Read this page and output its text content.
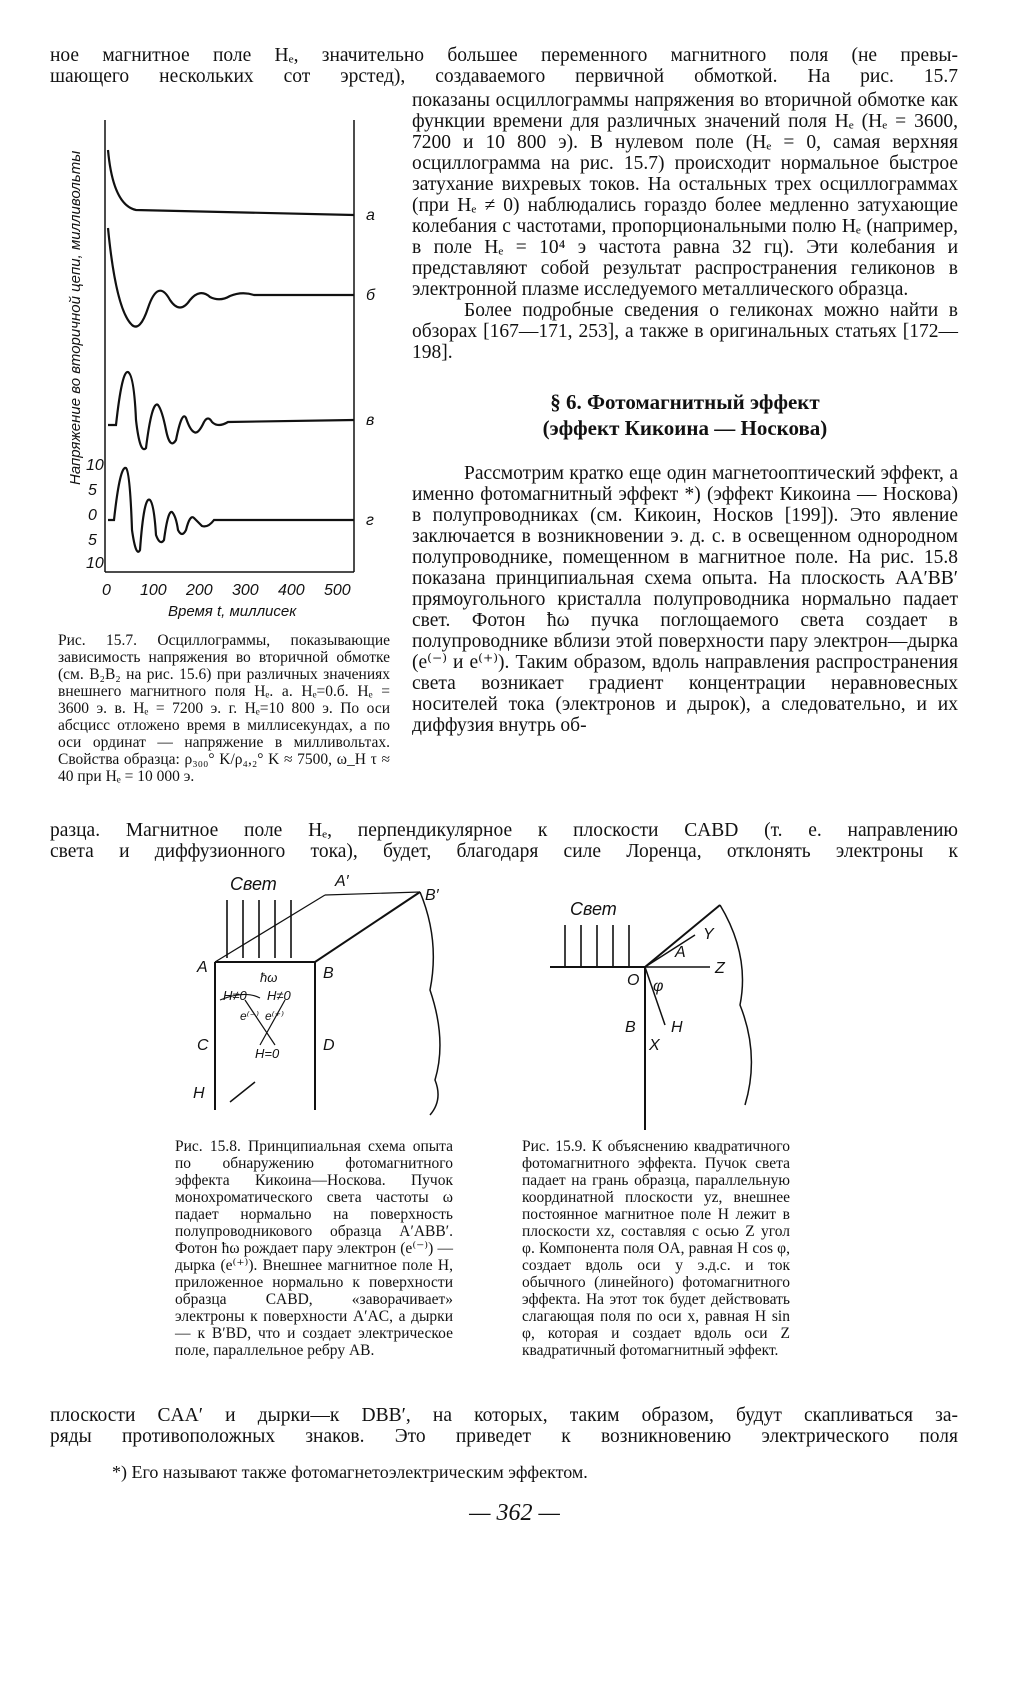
ное магнитное поле Hₑ, значительно большее переменного магнитного поля (не превы-

шающего нескольких сот эрстед), создаваемого первичной обмоткой. На рис. 15.7

Напряжение во вторичной цепи, милливольты	а
б
в
г
10
5
0
5
10
0 100 200 300 400 500
Время t, миллисек
Рис. 15.7. Осциллограммы, показывающие зависимость напряжения во вторичной обмотке (см. B₂B₂ на рис. 15.6) при различных значениях внешнего магнитного поля Hₑ. а. Hₑ=0.б. Hₑ = 3600 э. в. Hₑ = 7200 э. г. Hₑ=10 800 э. По оси абсцисс отложено время в миллисекундах, а по оси ординат — напряжение в милливольтах. Свойства образца: ρ₃₀₀° K/ρ₄,₂° K ≈ 7500, ω_H τ ≈ 40 при Hₑ = 10 000 э.

показаны осциллограммы напряжения во вторичной обмотке как функции времени для различных значений поля Hₑ (Hₑ = 3600, 7200 и 10 800 э). В нулевом поле (Hₑ = 0, самая верхняя осциллограмма на рис. 15.7) происходит нормальное быстрое затухание вихревых токов. На остальных трех осциллограммах (при Hₑ ≠ 0) наблюдались гораздо более медленно затухающие колебания с частотами, пропорциональными полю Hₑ (например, в поле Hₑ = 10⁴ э частота равна 32 гц). Эти колебания и представляют собой результат распространения геликонов в электронной плазме исследуемого металлического образца.

Более подробные сведения о геликонах можно найти в обзорах [167—171, 253], а также в оригинальных статьях [172—198].

§ 6. Фотомагнитный эффект
(эффект Кикоина — Носкова)

Рассмотрим кратко еще один магнетооптический эффект, а именно фотомагнитный эффект *) (эффект Кикоина — Носкова) в полупроводниках (см. Кикоин, Носков [199]). Это явление заключается в возникновении э. д. с. в освещенном однородном полупроводнике, помещенном в магнитное поле. На рис. 15.8 показана принципиальная схема опыта. На плоскость AA′BB′ прямоугольного кристалла полупроводника нормально падает свет. Фотон ħω пучка поглощаемого света создает в полупроводнике вблизи этой поверхности пару электрон—дырка (e⁽⁻⁾ и e⁽⁺⁾). Таким образом, вдоль направления распространения света возникает градиент концентрации неравновесных носителей тока (электронов и дырок), а следовательно, и их диффузия внутрь об-

разца. Магнитное поле Hₑ, перпендикулярное к плоскости CABD (т. е. направлению

света и диффузионного тока), будет, благодаря силе Лоренца, отклонять электроны к

Свет
A	B
C	D
H
A′
B′
ħω
H≠0 H≠0
H=0
e⁽⁻⁾ e⁽⁺⁾
Свет
Y
A
Z
O φ
B H
X
Рис. 15.8. Принципиальная схема опыта по обнаружению фотомагнитного эффекта Кикоина—Носкова. Пучок монохроматического света частоты ω падает нормально на поверхность полупроводникового образца A′ABB′. Фотон ħω рождает пару электрон (e⁽⁻⁾) — дырка (e⁽⁺⁾). Внешнее магнитное поле H, приложенное нормально к поверхности образца CABD, «заворачивает» электроны к поверхности A′AC, а дырки — к B′BD, что и создает электрическое поле, параллельное ребру AB.
Рис. 15.9. К объяснению квадратичного фотомагнитного эффекта. Пучок света падает на грань образца, параллельную координатной плоскости yz, внешнее постоянное магнитное поле H лежит в плоскости xz, составляя с осью Z угол φ. Компонента поля OA, равная H cos φ, создает вдоль оси y э.д.с. и ток обычного (линейного) фотомагнитного эффекта. На этот ток будет действовать слагающая поля по оси x, равная H sin φ, которая и создает вдоль оси Z квадратичный фотомагнитный эффект.

плоскости CAA′ и дырки—к DBB′, на которых, таким образом, будут скапливаться за-

ряды противоположных знаков. Это приведет к возникновению электрического поля

*) Его называют также фотомагнетоэлектрическим эффектом.
— 362 —
